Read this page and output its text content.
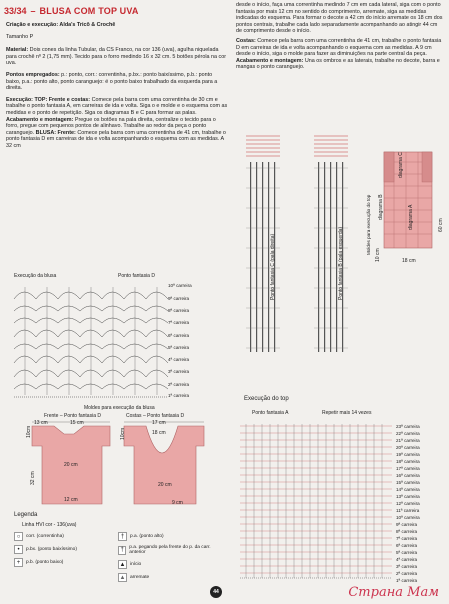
33/34 – BLUSA COM TOP UVA
Criação e execução: Alda's Tricô & Crochê
Tamanho P
Material: Dois cones da linha Tubular, da CS Franco, na cor 136 (uva), agulha niquelada para crochê nº 2 (1,75 mm). Tecido para o forro medindo 16 x 32 cm. 5 botões pérola na cor uva.
Pontos empregados: p.: ponto, corr.: correntinha, p.bx.: ponto baixíssimo, p.b.: ponto baixo, p.a.: ponto alto, ponto caranguejo: é o ponto baixo trabalhado da esquerda para a direita.
Execução: TOP: Frente e costas: Comece pela barra com uma correntinha de 30 cm e trabalhe o ponto fantasia A, em carreiras de ida e volta. Siga o e molde e o esquema com as medidas e o ponto de repetição. Siga os diagramas B e C para formar as palas. Acabamento e montagem: Pregue os botões na pala direita, centralize o tecido para o forro, pregue com pequenos pontos de alinhavo. Trabalhe ao redor da peça o ponto caranguejo. BLUSA: Frente: Comece pela barra com uma correntinha de 41 cm, trabalhe o ponto fantasia D em carreiras de ida e volta acompanhando o esquema com as medidas. A 32 cm
desde o início, faça uma correntinha medindo 7 cm em cada lateral, siga com o ponto fantasia por mais 12 cm no sentido do comprimento, arremate, siga as medidas indicadas do esquema. Para formar o decote a 42 cm do início arremate os 18 cm dos pontos centrais, trabalhe cada lado separadamente acompanhando ao atingir 44 cm de comprimento desde o início.
Costas: Comece pela barra com uma correntinha de 41 cm, trabalhe o ponto fantasia D em carreiras de ida e volta acompanhando o esquema com as medidas. A 9 cm desde o início, siga o molde para fazer as diminuições na parte central da peça. Acabamento e montagem: Una os ombros e as laterais, trabalhe no decote, barra e mangas o ponto caranguejo.
Execução da blusa	Ponto fantasia D
10ª carreira
9ª carreira
8ª carreira
7ª carreira
6ª carreira
5ª carreira
4ª carreira
3ª carreira
2ª carreira
1ª carreira
Ponto fantasia C (pala direita)	Ponto fantasia B (pala esquerda)
Moldes para execução do top diagrama B
diagrama C
diagrama A	60 cm
18 cm
10 cm
Moldes para execução da blusa
Frente – Ponto fantasia D	Costas – Ponto fantasia D
13 cm	15 cm
10cm
20 cm
32 cm
12 cm
17 cm
18 cm
10cm
20 cm
9 cm
Legenda
Linha HVI cor - 136(uva)
○	corr. (correntinha)
•	p.bx. (ponto baixíssimo)
+	p.b. (ponto baixo)
†	p.a. (ponto alto)
†	p.a. pegando pela frente do p. da carr. anterior
▲ início
▲ arremate
Execução do top
Ponto fantasia A	Repetir mais 14 vezes
23ª carreira
22ª carreira
21ª carreira
20ª carreira
19ª carreira
18ª carreira
17ª carreira
16ª carreira
15ª carreira
14ª carreira
13ª carreira
12ª carreira
11ª carreira
10ª carreira
9ª carreira
8ª carreira
7ª carreira
6ª carreira
5ª carreira
4ª carreira
3ª carreira
2ª carreira
1ª carreira
44	Страна Мам
